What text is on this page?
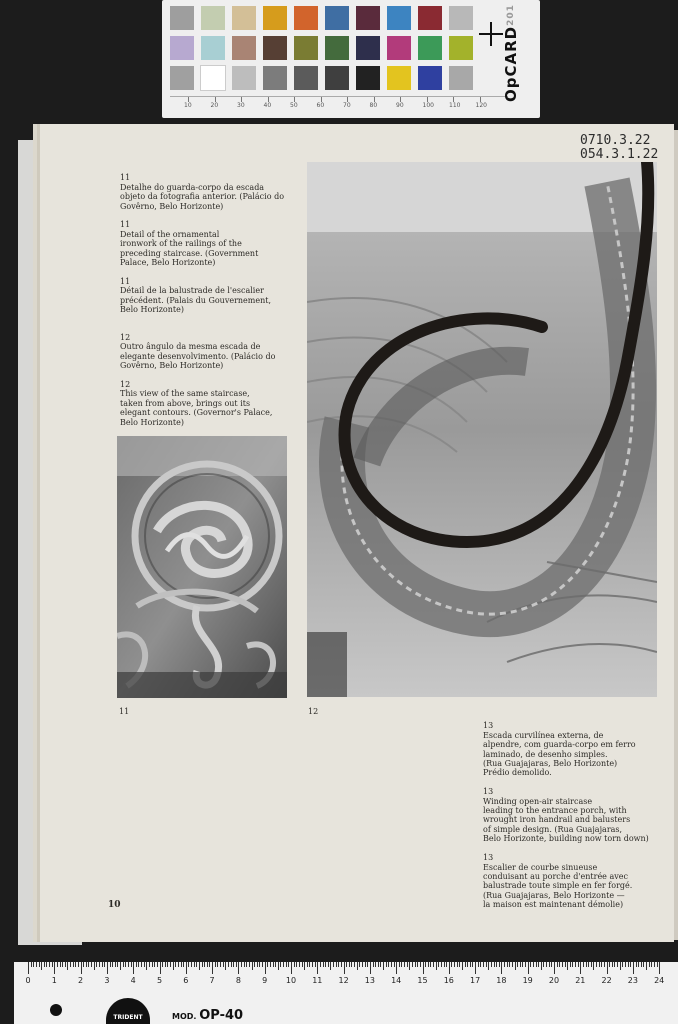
10	20	30	40	50	60	70	80	90	100	110	120
OpCARD201
0710.3.22
054.3.1.22

11
Detalhe do guarda-corpo da escada
objeto da fotografia anterior. (Palácio do
Govêrno, Belo Horizonte)

11
Detail of the ornamental
ironwork of the railings of the
preceding staircase. (Government
Palace, Belo Horizonte)

11
Détail de la balustrade de l'escalier
précédent. (Palais du Gouvernement,
Belo Horizonte)

12
Outro ângulo da mesma escada de
elegante desenvolvimento. (Palácio do
Govêrno, Belo Horizonte)

12
This view of the same staircase,
taken from above, brings out its
elegant contours. (Governor's Palace,
Belo Horizonte)

11	12

13
Escada curvilínea externa, de
alpendre, com guarda-corpo em ferro
laminado, de desenho simples.
(Rua Guajajaras, Belo Horizonte)
Prédio demolido.

13
Winding open-air staircase
leading to the entrance porch, with
wrought iron handrail and balusters
of simple design. (Rua Guajajaras,
Belo Horizonte, building now torn down)

13
Escalier de courbe sinueuse
conduisant au porche d'entrée avec
balustrade toute simple en fer forgé.
(Rua Guajajaras, Belo Horizonte —
la maison est maintenant démolie)

10
0	1	2	3	4	5	6	7	8	9 10 11 12 13 14 15 16 17 18 19 20 21 22 23 24
TRIDENT	MOD. OP-40
